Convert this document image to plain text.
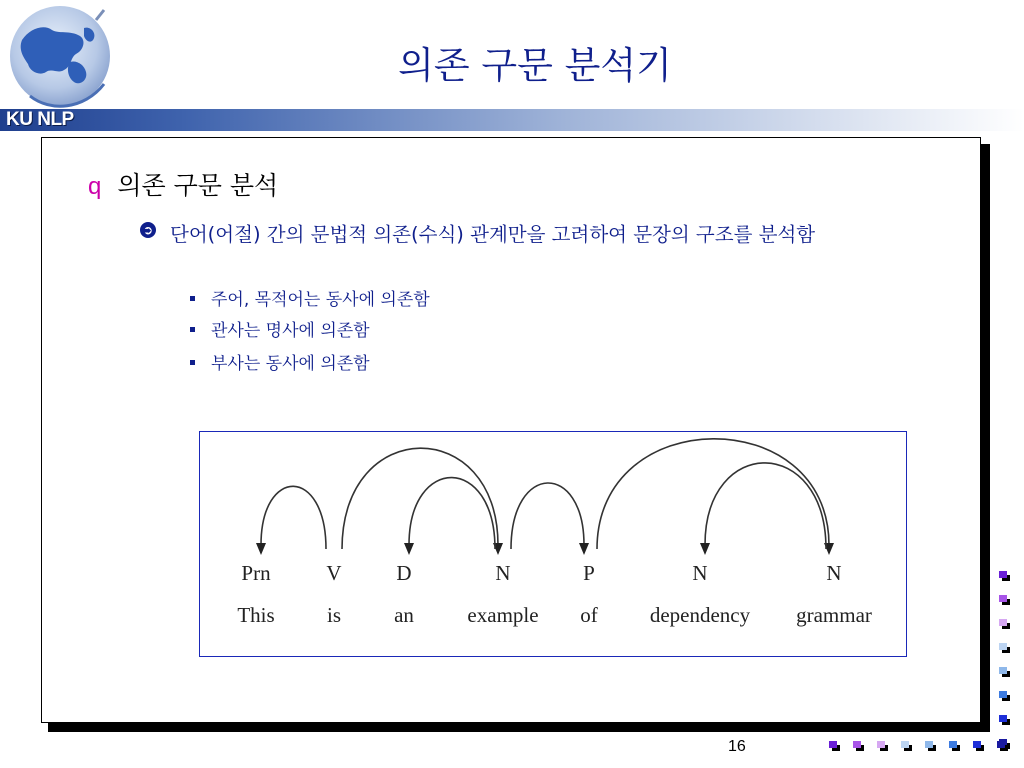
KU NLP
의존 구문 분석기
q 의존 구문 분석
➲ 단어(어절) 간의 문법적 의존(수식) 관계만을 고려하여 문장의 구조를 분석함
주어, 목적어는 동사에 의존함
관사는 명사에 의존함
부사는 동사에 의존함
Prn
This
V
is
D
an
N
example
P
of
N
dependency
N
grammar
16
